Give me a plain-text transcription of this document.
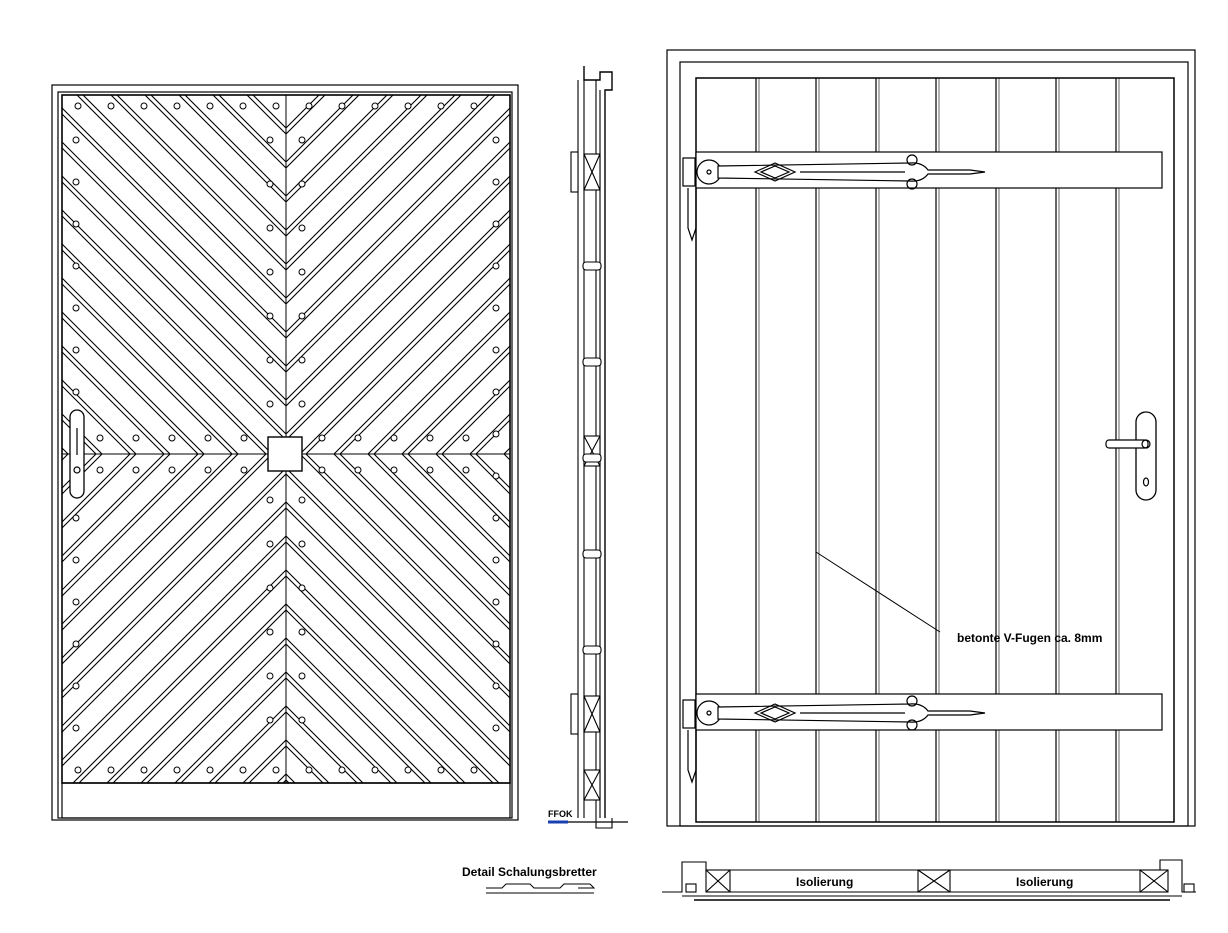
FFOK
Detail Schalungsbretter
betonte V-Fugen ca. 8mm
Isolierung	Isolierung
